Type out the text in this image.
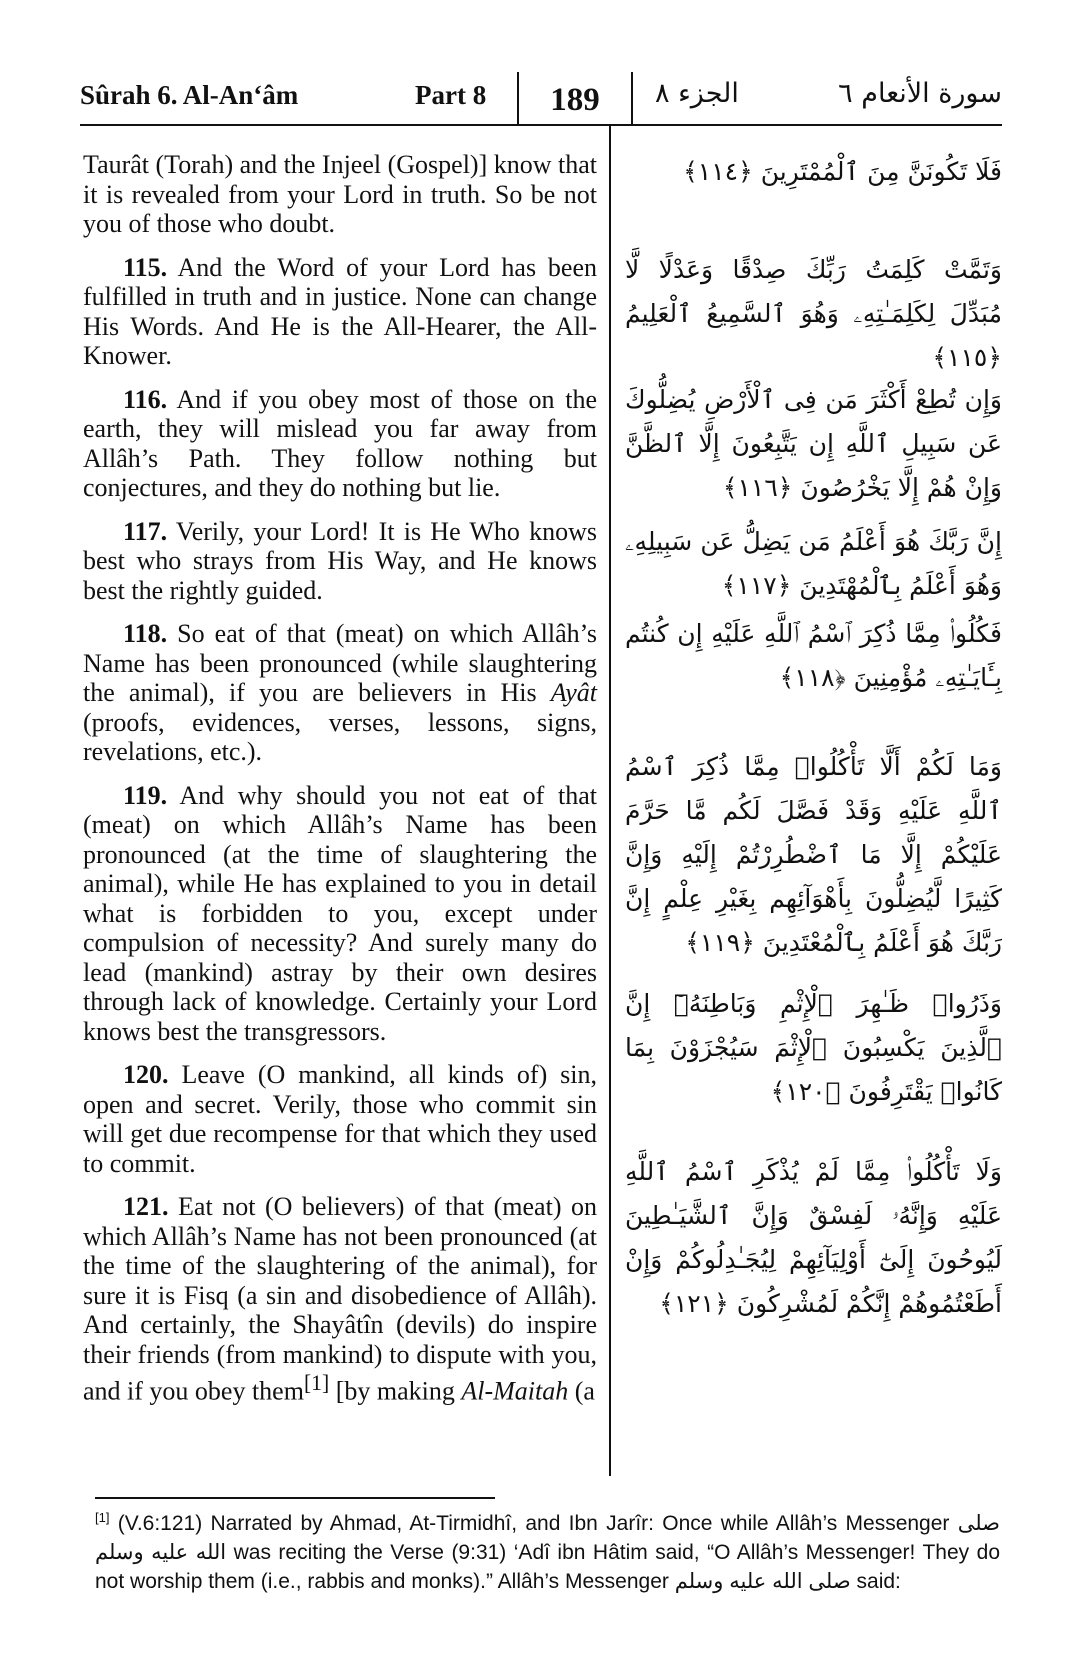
Sûrah 6. Al-An‘âm	Part 8	189	الجزء ٨	سورة الأنعام ٦

Taurât (Torah) and the Injeel (Gospel)] know that it is revealed from your Lord in truth. So be not you of those who doubt.

115. And the Word of your Lord has been fulfilled in truth and in justice. None can change His Words. And He is the All-Hearer, the All-Knower.

116. And if you obey most of those on the earth, they will mislead you far away from Allâh’s Path. They follow nothing but conjectures, and they do nothing but lie.

117. Verily, your Lord! It is He Who knows best who strays from His Way, and He knows best the rightly guided.

118. So eat of that (meat) on which Allâh’s Name has been pronounced (while slaughtering the animal), if you are believers in His Ayât (proofs, evidences, verses, lessons, signs, revelations, etc.).

119. And why should you not eat of that (meat) on which Allâh’s Name has been pronounced (at the time of slaughtering the animal), while He has explained to you in detail what is forbidden to you, except under compulsion of necessity? And surely many do lead (mankind) astray by their own desires through lack of knowledge. Certainly your Lord knows best the transgressors.

120. Leave (O mankind, all kinds of) sin, open and secret. Verily, those who commit sin will get due recompense for that which they used to commit.

121. Eat not (O believers) of that (meat) on which Allâh’s Name has not been pronounced (at the time of the slaughtering of the animal), for sure it is Fisq (a sin and disobedience of Allâh). And certainly, the Shayâtîn (devils) do inspire their friends (from mankind) to dispute with you, and if you obey them[1] [by making Al-Maitah (a

فَلَا تَكُونَنَّ مِنَ ٱلْمُمْتَرِينَ ﴿١١٤﴾
وَتَمَّتْ كَلِمَتُ رَبِّكَ صِدْقًا وَعَدْلًا لَّا مُبَدِّلَ لِكَلِمَـٰتِهِۦ وَهُوَ ٱلسَّمِيعُ ٱلْعَلِيمُ ﴿١١٥﴾
وَإِن تُطِعْ أَكْثَرَ مَن فِى ٱلْأَرْضِ يُضِلُّوكَ عَن سَبِيلِ ٱللَّهِ إِن يَتَّبِعُونَ إِلَّا ٱلظَّنَّ وَإِنْ هُمْ إِلَّا يَخْرُصُونَ ﴿١١٦﴾
إِنَّ رَبَّكَ هُوَ أَعْلَمُ مَن يَضِلُّ عَن سَبِيلِهِۦ وَهُوَ أَعْلَمُ بِٱلْمُهْتَدِينَ ﴿١١٧﴾
فَكُلُوا۟ مِمَّا ذُكِرَ ٱسْمُ ٱللَّهِ عَلَيْهِ إِن كُنتُم بِـَٔايَـٰتِهِۦ مُؤْمِنِينَ ﴿١١٨﴾
وَمَا لَكُمْ أَلَّا تَأْكُلُوا۟ مِمَّا ذُكِرَ ٱسْمُ ٱللَّهِ عَلَيْهِ وَقَدْ فَصَّلَ لَكُم مَّا حَرَّمَ عَلَيْكُمْ إِلَّا مَا ٱضْطُرِرْتُمْ إِلَيْهِ وَإِنَّ كَثِيرًا لَّيُضِلُّونَ بِأَهْوَآئِهِم بِغَيْرِ عِلْمٍ إِنَّ رَبَّكَ هُوَ أَعْلَمُ بِٱلْمُعْتَدِينَ ﴿١١٩﴾
وَذَرُوا۟ ظَـٰهِرَ ٱلْإِثْمِ وَبَاطِنَهُۥٓ إِنَّ ٱلَّذِينَ يَكْسِبُونَ ٱلْإِثْمَ سَيُجْزَوْنَ بِمَا كَانُوا۟ يَقْتَرِفُونَ ﴿١٢٠﴾
وَلَا تَأْكُلُوا۟ مِمَّا لَمْ يُذْكَرِ ٱسْمُ ٱللَّهِ عَلَيْهِ وَإِنَّهُۥ لَفِسْقٌ وَإِنَّ ٱلشَّيَـٰطِينَ لَيُوحُونَ إِلَىٰٓ أَوْلِيَآئِهِمْ لِيُجَـٰدِلُوكُمْ وَإِنْ أَطَعْتُمُوهُمْ إِنَّكُمْ لَمُشْرِكُونَ ﴿١٢١﴾
[1] (V.6:121) Narrated by Ahmad, At-Tirmidhî, and Ibn Jarîr: Once while Allâh’s Messenger صلى الله عليه وسلم was reciting the Verse (9:31) ‘Adî ibn Hâtim said, “O Allâh’s Messenger! They do not worship them (i.e., rabbis and monks).” Allâh’s Messenger صلى الله عليه وسلم said:
